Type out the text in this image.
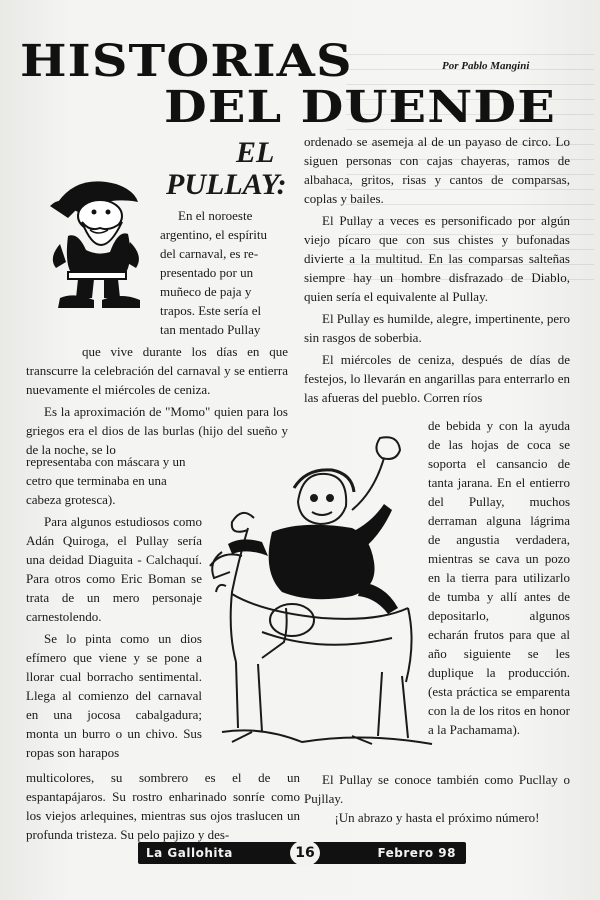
HISTORIAS
DEL DUENDE
Por Pablo Mangini
EL
PULLAY:
En el noroeste
argentino, el espíritu
del carnaval, es re-
presentado por un
muñeco de paja y
trapos. Este sería el
tan mentado Pullay

que vive durante los días en que transcurre la celebración del carnaval y se entierra nuevamente el miércoles de ceniza.

Es la aproximación de "Momo" quien para los griegos era el dios de las burlas (hijo del sueño y de la noche, se lo

representaba con máscara y un cetro que terminaba en una cabeza grotesca).

Para algunos estudiosos como Adán Quiroga, el Pullay sería una deidad Diaguita - Calchaquí. Para otros como Eric Boman se trata de un mero personaje carnestolendo.

Se lo pinta como un dios efímero que viene y se pone a llorar cual borracho sentimental. Llega al comienzo del carnaval en una jocosa cabalgadura; monta un burro o un chivo. Sus ropas son harapos

multicolores, su sombrero es el de un espantapájaros. Su rostro enharinado sonríe como los viejos arlequines, mientras sus ojos traslucen un profunda tristeza. Su pelo pajizo y des-

ordenado se asemeja al de un payaso de circo. Lo siguen personas con cajas chayeras, ramos de albahaca, gritos, risas y cantos de comparsas, coplas y bailes.

El Pullay a veces es personificado por algún viejo pícaro que con sus chistes y bufonadas divierte a la multitud. En las comparsas salteñas siempre hay un hombre disfrazado de Diablo, quien sería el equivalente al Pullay.

El Pullay es humilde, alegre, impertinente, pero sin rasgos de soberbia.

El miércoles de ceniza, después de días de festejos, lo llevarán en angarillas para enterrarlo en las afueras del pueblo. Corren ríos

de bebida y con la ayuda de las hojas de coca se soporta el cansancio de tanta jarana. En el entierro del Pullay, muchos derraman alguna lágrima de angustia verdadera, mientras se cava un pozo en la tierra para utilizarlo de tumba y allí antes de depositarlo, algunos echarán frutos para que al año siguiente se les duplique la producción. (esta práctica se emparenta con la de los ritos en honor a la Pachamama).

El Pullay se conoce también como Pucllay o Pujllay.

¡Un abrazo y hasta el próximo número!

La Gallohita	16	Febrero 98
